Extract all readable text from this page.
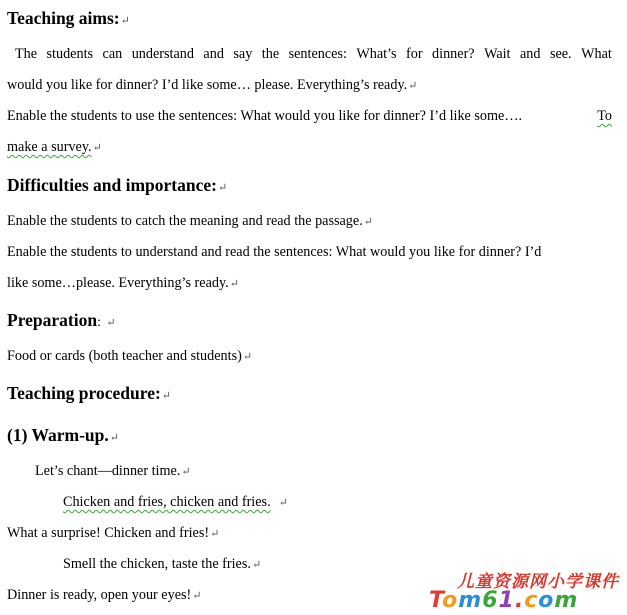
Teaching aims:↵
The students can understand and say the sentences: What’s for dinner? Wait and see. What
would you like for dinner? I’d like some… please. Everything’s ready.↵
Enable the students to use the sentences: What would you like for dinner? I’d like some….	To
make a survey.↵
Difficulties and importance:↵
Enable the students to catch the meaning and read the passage.↵
Enable the students to understand and read the sentences: What would you like for dinner? I’d
like some…please. Everything’s ready.↵
Preparation: ↵
Food or cards (both teacher and students)↵
Teaching procedure:↵
(1) Warm-up.↵
Let’s chant—dinner time.↵
Chicken and fries, chicken and fries. ↵
What a surprise! Chicken and fries!↵
Smell the chicken, taste the fries.↵
Dinner is ready, open your eyes!↵
儿童资源网小学课件
Tom61.com
